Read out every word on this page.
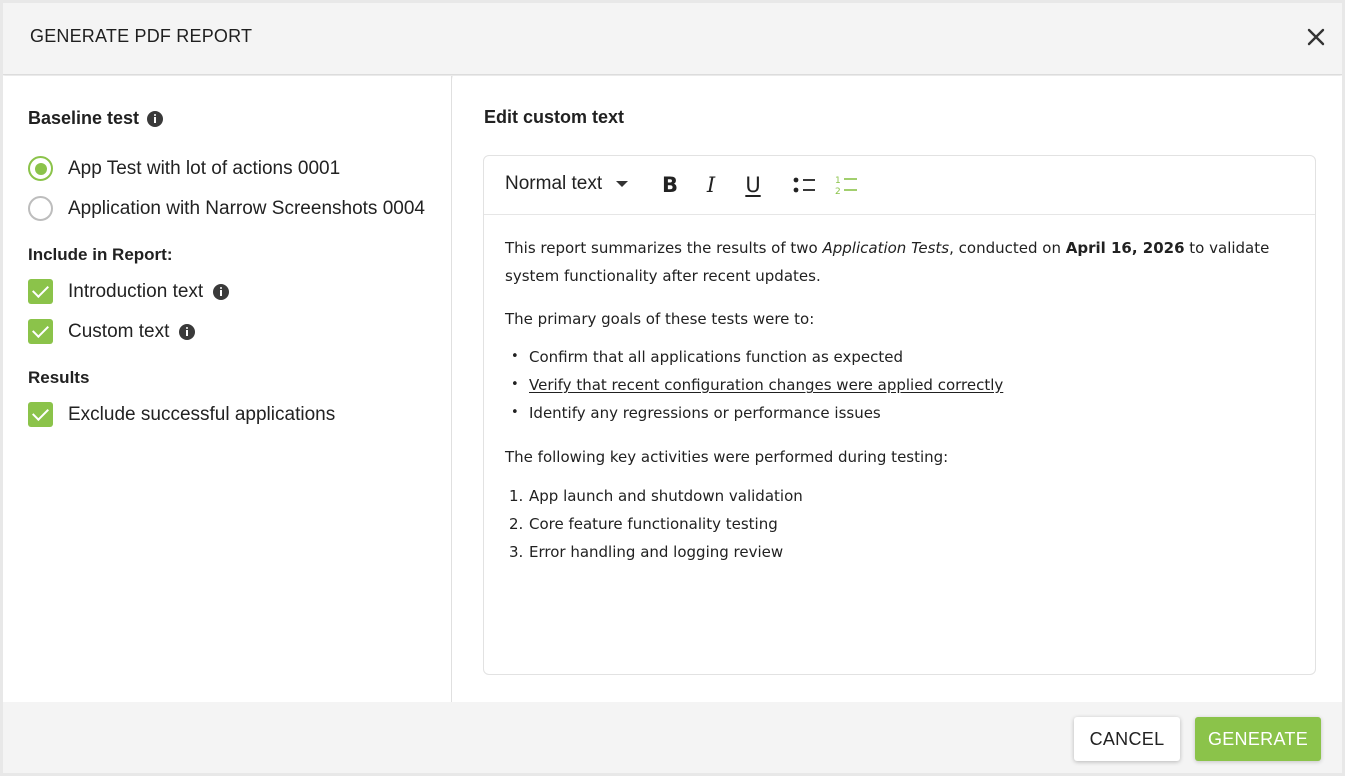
GENERATE PDF REPORT
Baseline test
App Test with lot of actions 0001
Application with Narrow Screenshots 0004
Include in Report:
Introduction text
Custom text
Results
Exclude successful applications
Edit custom text
Normal text	B	I	U	1
2

This report summarizes the results of two Application Tests, conducted on April 16, 2026 to validate system functionality after recent updates.

The primary goals of these tests were to:

• Confirm that all applications function as expected
• Verify that recent configuration changes were applied correctly
• Identify any regressions or performance issues

The following key activities were performed during testing:

1. App launch and shutdown validation
2. Core feature functionality testing
3. Error handling and logging review
CANCEL	GENERATE
